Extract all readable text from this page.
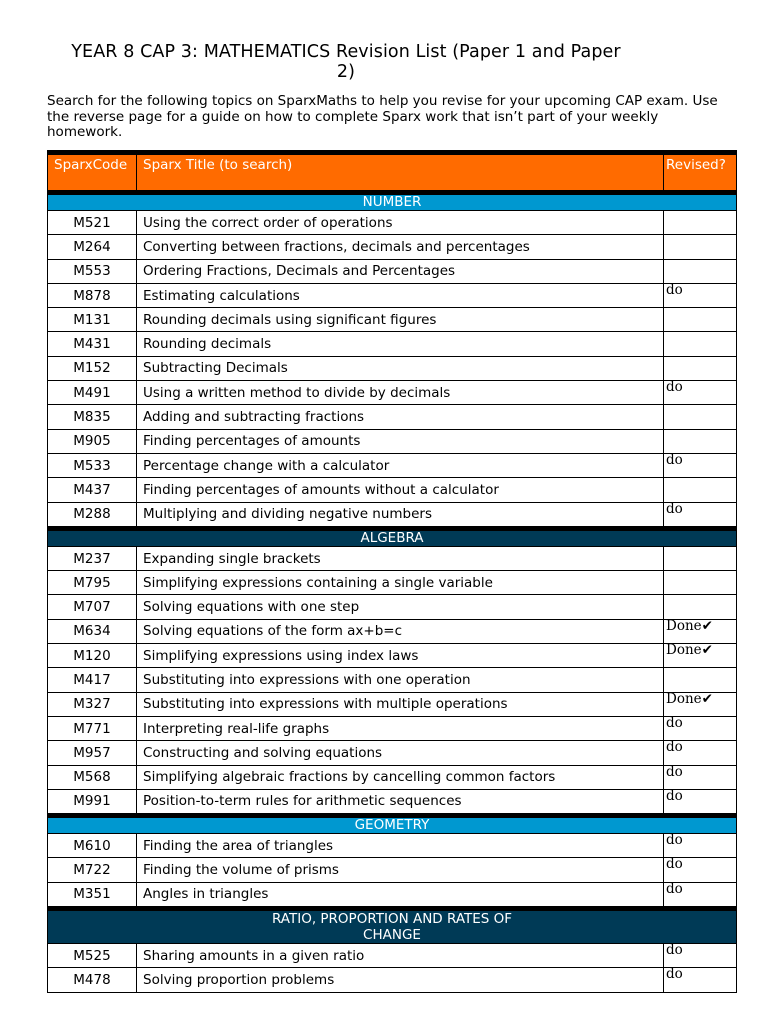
YEAR 8 CAP 3: MATHEMATICS Revision List (Paper 1 and Paper
2)
Search for the following topics on SparxMaths to help you revise for your upcoming CAP exam. Use the reverse page for a guide on how to complete Sparx work that isn’t part of your weekly homework.
SparxCode	Sparx Title (to search)	Revised?
NUMBER		
M521	Using the correct order of operations	
M264	Converting between fractions, decimals and percentages	
M553	Ordering Fractions, Decimals and Percentages	
M878	Estimating calculations	do
M131	Rounding decimals using significant figures	
M431	Rounding decimals	
M152	Subtracting Decimals	
M491	Using a written method to divide by decimals	do
M835	Adding and subtracting fractions	
M905	Finding percentages of amounts	
M533	Percentage change with a calculator	do
M437	Finding percentages of amounts without a calculator	
M288	Multiplying and dividing negative numbers	do
ALGEBRA		
M237	Expanding single brackets	
M795	Simplifying expressions containing a single variable	
M707	Solving equations with one step	
M634	Solving equations of the form ax+b=c	Done✔
M120	Simplifying expressions using index laws	Done✔
M417	Substituting into expressions with one operation	
M327	Substituting into expressions with multiple operations	Done✔
M771	Interpreting real-life graphs	do
M957	Constructing and solving equations	do
M568	Simplifying algebraic fractions by cancelling common factors	do
M991	Position-to-term rules for arithmetic sequences	do
GEOMETRY		
M610	Finding the area of triangles	do
M722	Finding the volume of prisms	do
M351	Angles in triangles	do
RATIO, PROPORTION AND RATES OF
CHANGE		
M525	Sharing amounts in a given ratio	do
M478	Solving proportion problems	do
